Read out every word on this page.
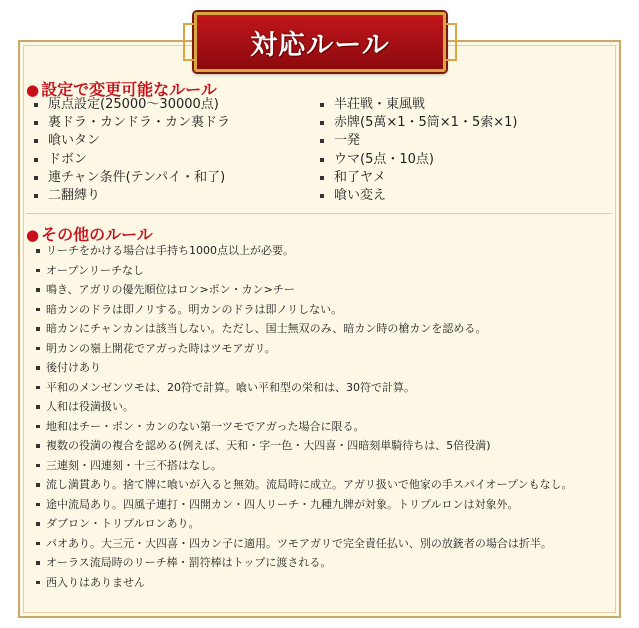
対応ルール
● 設定で変更可能なルール
原点設定(25000〜30000点)
裏ドラ・カンドラ・カン裏ドラ
喰いタン
ドボン
連チャン条件(テンパイ・和了)
二翻縛り
半荘戦・東風戦
赤牌(5萬×1・5筒×1・5索×1)
一発
ウマ(5点・10点)
和了ヤメ
喰い変え
● その他のルール
リーチをかける場合は手持ち1000点以上が必要。
オープンリーチなし
鳴き、アガリの優先順位はロン>ポン・カン>チー
暗カンのドラは即ノリする。明カンのドラは即ノリしない。
暗カンにチャンカンは該当しない。ただし、国士無双のみ、暗カン時の槍カンを認める。
明カンの嶺上開花でアガった時はツモアガリ。
後付けあり
平和のメンゼンツモは、20符で計算。喰い平和型の栄和は、30符で計算。
人和は役満扱い。
地和はチー・ポン・カンのない第一ツモでアガった場合に限る。
複数の役満の複合を認める(例えば、天和・字一色・大四喜・四暗刻単騎待ちは、5倍役満)
三連刻・四連刻・十三不搭はなし。
流し満貫あり。捨て牌に喰いが入ると無効。流局時に成立。アガリ扱いで他家の手スパイオープンもなし。
途中流局あり。四風子連打・四開カン・四人リーチ・九種九牌が対象。トリプルロンは対象外。
ダブロン・トリプルロンあり。
パオあり。大三元・大四喜・四カン子に適用。ツモアガリで完全責任払い、別の放銃者の場合は折半。
オーラス流局時のリーチ棒・罰符棒はトップに渡される。
西入りはありません
